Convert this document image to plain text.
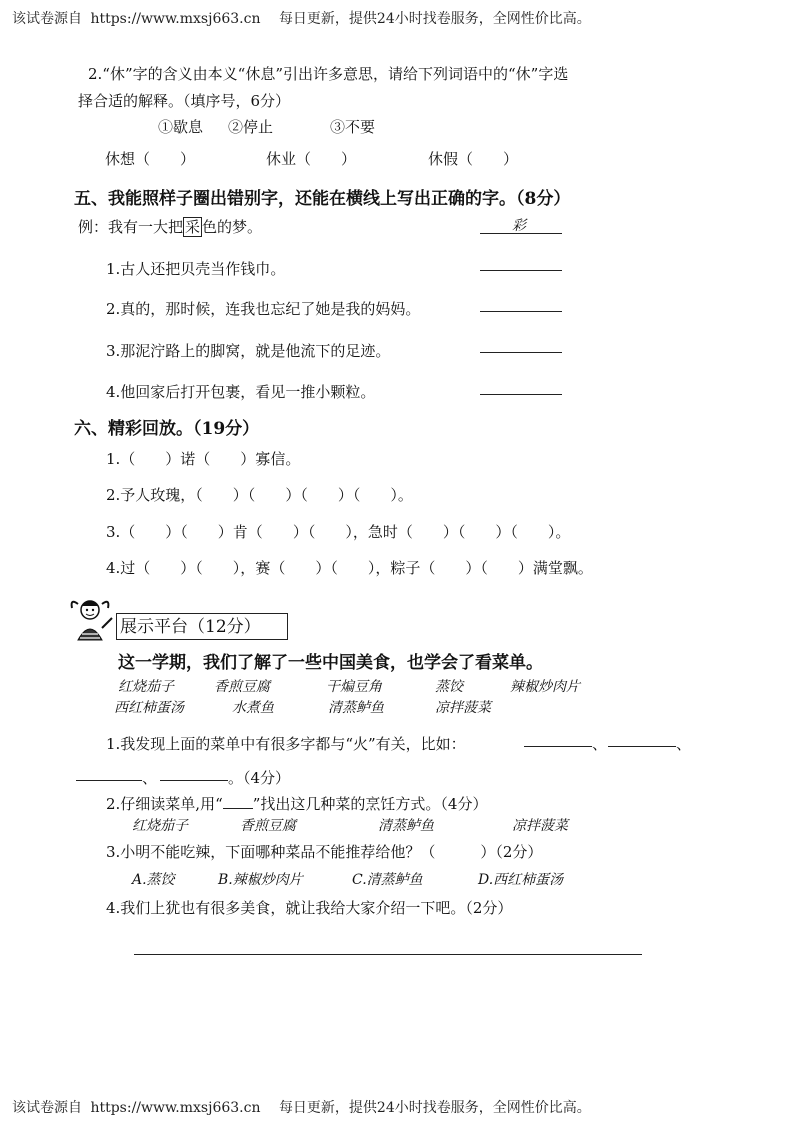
该试卷源自 https://www.mxsj663.cn 每日更新，提供24小时找卷服务，全网性价比高。
2.“休”字的含义由本义“休息”引出许多意思，请给下列词语中的“休”字选
择合适的解释。（填序号，6分）
①歇息 ②停止	③不要
休想（　　）	休业（　　）	休假（　　）
五、我能照样子圈出错别字，还能在横线上写出正确的字。（8分）
例：我有一大把 采 色的梦。	彩
1.古人还把贝壳当作钱巾。
2.真的，那时候，连我也忘纪了她是我的妈妈。
3.那泥泞路上的脚窝，就是他流下的足迹。
4.他回家后打开包裹，看见一推小颗粒。
六、精彩回放。（19分）
1.（　　）诺（　　）寡信。
2.予人玫瑰，（　　）（　　）（　　）（　　）。
3.（　　）（　　）肯（　　）（　　），急时（　　）（　　）（　　）。
4.过（　　）（　　），赛（　　）（　　），粽子（　　）（　　）满堂飘。
展示平台（12分）
这一学期，我们了解了一些中国美食，也学会了看菜单。
红烧茄子	香煎豆腐	干煸豆角	蒸饺	辣椒炒肉片
西红柿蛋汤	水煮鱼	清蒸鲈鱼	凉拌菠菜
1.我发现上面的菜单中有很多字都与“火”有关，比如：	、	、
、	。（4分）
2.仔细读菜单,用“ ”找出这几种菜的烹饪方式。（4分）
红烧茄子	香煎豆腐	清蒸鲈鱼	凉拌菠菜
3.小明不能吃辣，下面哪种菜品不能推荐给他？（　　　）（2分）
A.蒸饺	B.辣椒炒肉片	C.清蒸鲈鱼	D.西红柿蛋汤
4.我们上犹也有很多美食，就让我给大家介绍一下吧。（2分）
该试卷源自 https://www.mxsj663.cn 每日更新，提供24小时找卷服务，全网性价比高。
